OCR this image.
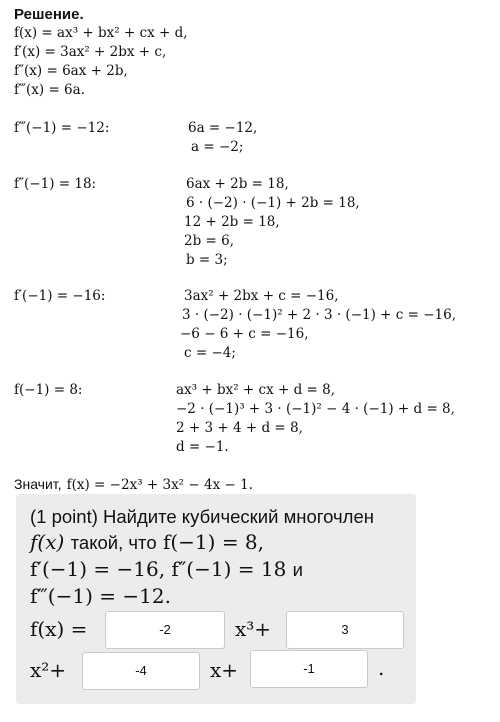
Решение.
f(x) = ax³ + bx² + cx + d,
f′(x) = 3ax² + 2bx + c,
f″(x) = 6ax + 2b,
f‴(x) = 6a.
f‴(−1) = −12:	6a = −12,
a = −2;
f″(−1) = 18:	6ax + 2b = 18,
6 · (−2) · (−1) + 2b = 18,
12 + 2b = 18,
2b = 6,
b = 3;
f′(−1) = −16:	3ax² + 2bx + c = −16,
3 · (−2) · (−1)² + 2 · 3 · (−1) + c = −16,
−6 − 6 + c = −16,
c = −4;
f(−1) = 8:	ax³ + bx² + cx + d = 8,
−2 · (−1)³ + 3 · (−1)² − 4 · (−1) + d = 8,
2 + 3 + 4 + d = 8,
d = −1.
Значит, f(x) = −2x³ + 3x² − 4x − 1.
(1 point) Найдите кубический многочлен
f(x) такой, что f(−1) = 8,
f′(−1) = −16, f″(−1) = 18 и
f‴(−1) = −12.
f(x) =	-2	x³+	3
x²+	-4	x+	-1	.
